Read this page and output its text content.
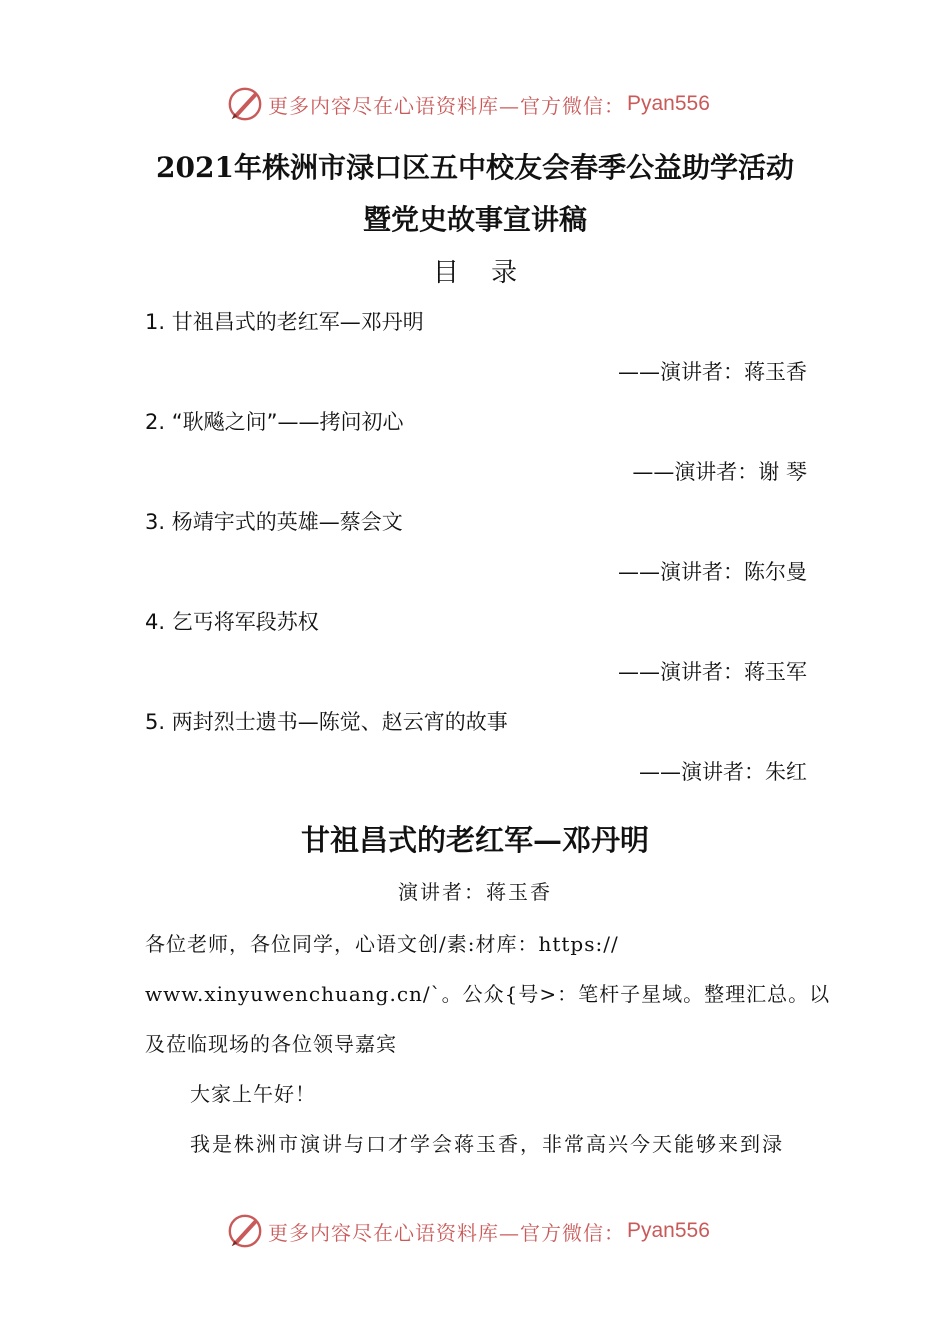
更多内容尽在心语资料库—官方微信： Pyan556
2021年株洲市渌口区五中校友会春季公益助学活动
暨党史故事宣讲稿
目 录
1. 甘祖昌式的老红军—邓丹明
——演讲者：蒋玉香
2. “耿飚之问”——拷问初心
——演讲者：谢 琴
3. 杨靖宇式的英雄—蔡会文
——演讲者：陈尔曼
4. 乞丐将军段苏权
——演讲者：蒋玉军
5. 两封烈士遗书—陈觉、赵云宵的故事
——演讲者：朱红
甘祖昌式的老红军—邓丹明
演讲者：蒋玉香
各位老师，各位同学，心语文创/素:材库：https://
www.xinyuwenchuang.cn/`。公众{号>：笔杆子星域。整理汇总。以
及莅临现场的各位领导嘉宾
大家上午好！
我是株洲市演讲与口才学会蒋玉香，非常高兴今天能够来到渌
更多内容尽在心语资料库—官方微信： Pyan556
